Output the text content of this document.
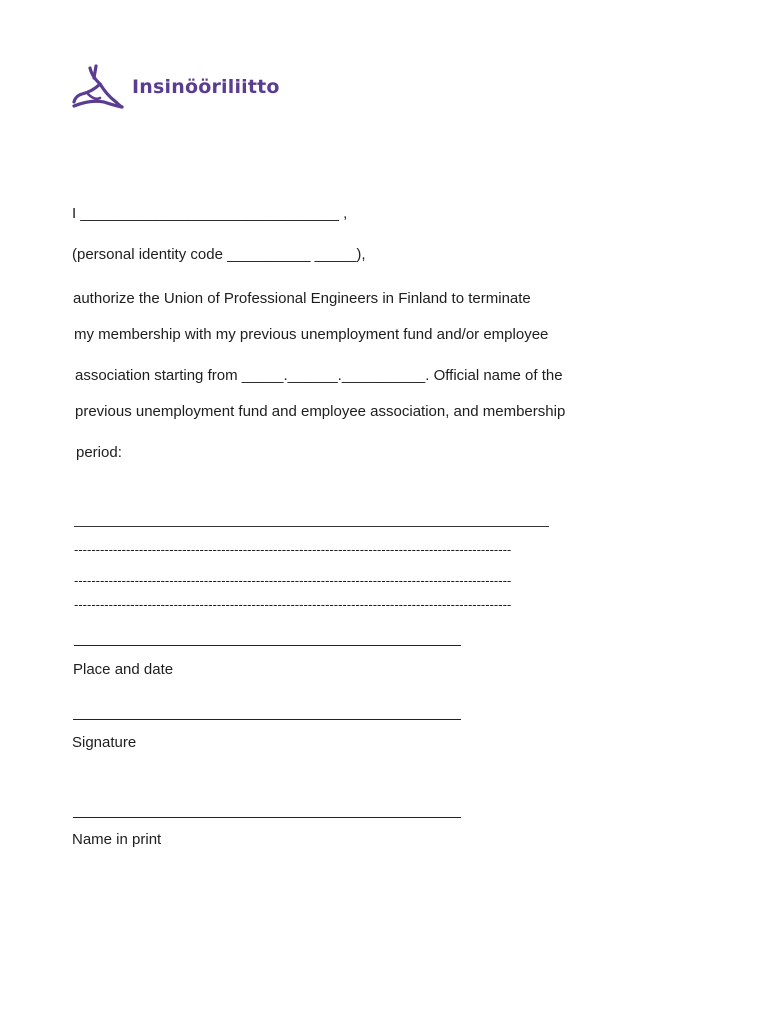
Insinööriliitto
I _______________________________ ,
(personal identity code __________ _____),
authorize the Union of Professional Engineers in Finland to terminate
my membership with my previous unemployment fund and/or employee
association starting from _____.______.__________. Official name of the
previous unemployment fund and employee association, and membership
period:
_____________________________________________________________
-----------------------------------------------------------------------------------------------------
-----------------------------------------------------------------------------------------------------
-----------------------------------------------------------------------------------------------------
Place and date
Signature
Name in print
